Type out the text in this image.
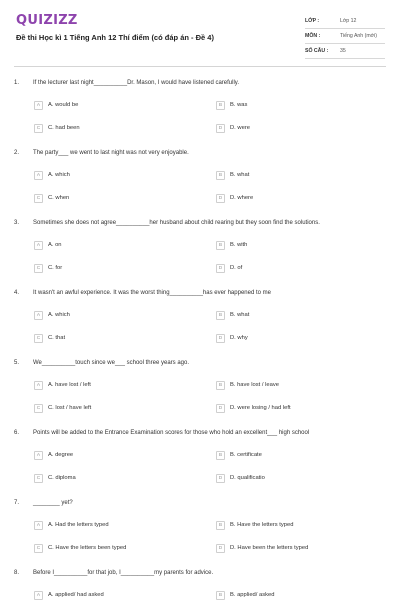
QUIZIZZ
Đề thi Học kì 1 Tiếng Anh 12 Thí điểm (có đáp án - Đề 4)
LỚP :	Lớp 12
MÔN :	Tiếng Anh (mới)
SỐ CÂU :	35
1. If the lecturer last night__________Dr. Mason, I would have listened carefully.
A	A. would be	B	B. was
C	C. had been	D	D. were
2. The party___ we went to last night was not very enjoyable.
A	A. which	B	B. what
C	C. when	D	D. where
3. Sometimes she does not agree__________her husband about child rearing but they soon find the solutions.
A	A. on	B	B. with
C	C. for	D	D. of
4. It wasn't an awful experience. It was the worst thing__________has ever happened to me
A	A. which	B	B. what
C	C. that	D	D. why
5. We__________touch since we___ school three years ago.
A	A. have lost / left	B	B. have lost / leave
C	C. lost / have left	D	D. were losing / had left
6. Points will be added to the Entrance Examination scores for those who hold an excellent___ high school
A	A. degree	B	B. certificate
C	C. diploma	D	D. qualificatio
7. ________ yet?
A	A. Had the letters typed	B	B. Have the letters typed
C	C. Have the letters been typed	D	D. Have been the letters typed
8. Before I__________for that job, I__________my parents for advice.
A	A. applied/ had asked	B	B. applied/ asked
